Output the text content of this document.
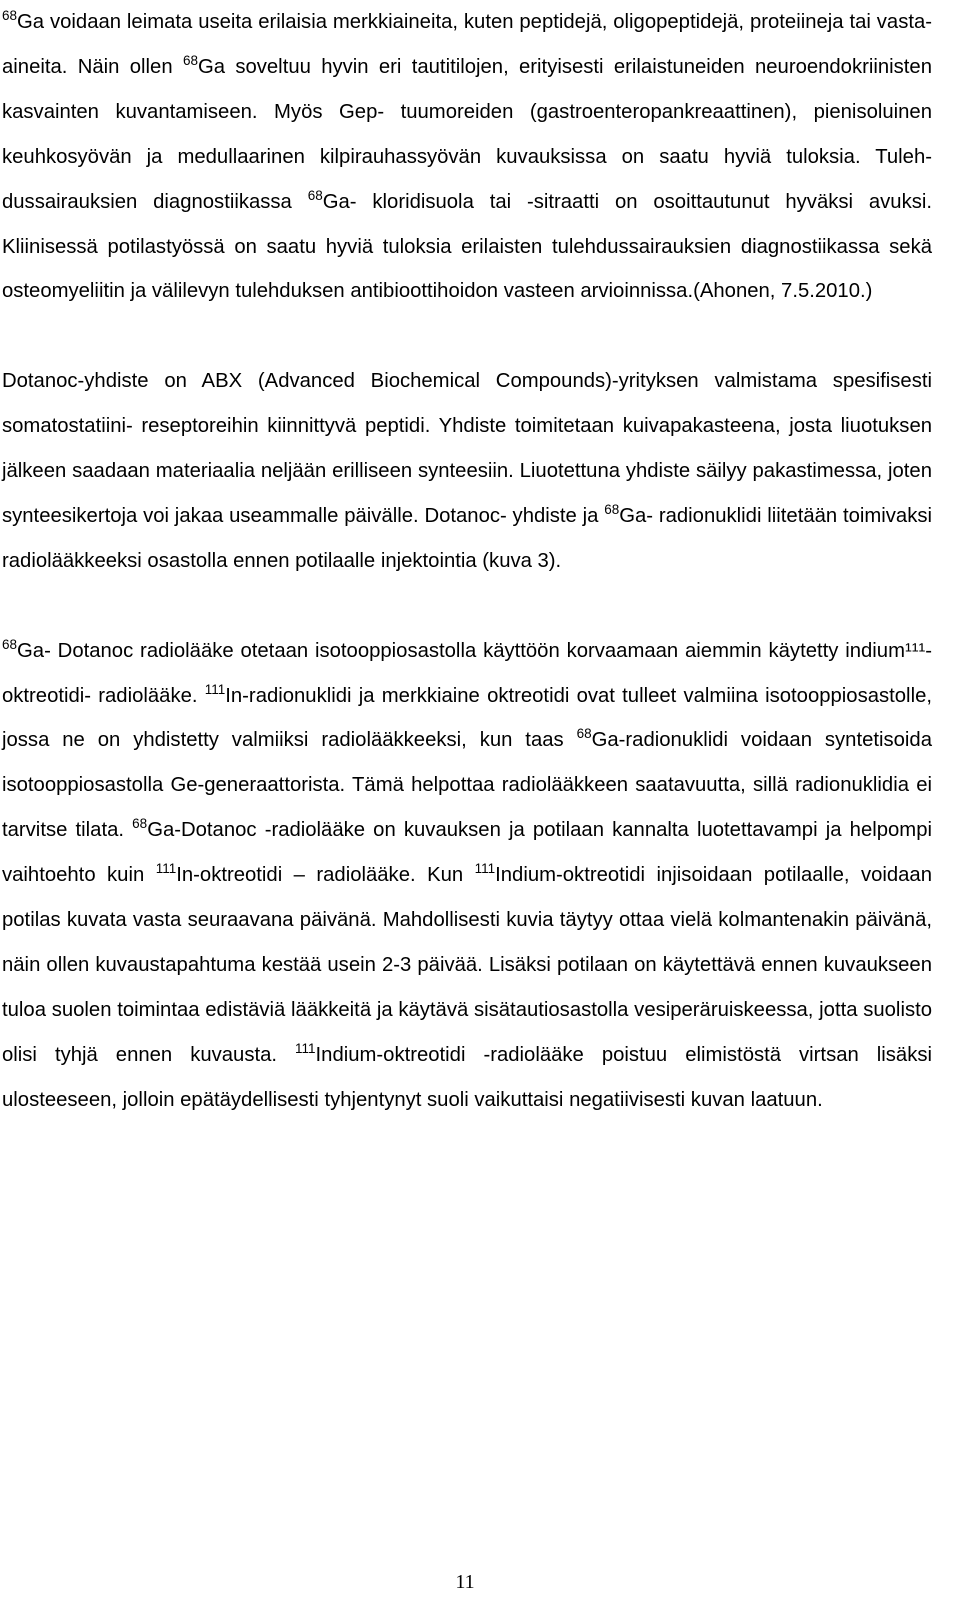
$^{68}$Ga voidaan leimata useita erilaisia merkkiaineita, kuten peptidejä, oligopeptidejä, proteiineja tai vasta-aineita. Näin ollen $^{68}$Ga soveltuu hyvin eri tautitilojen, erityisesti erilaistuneiden neuroendokriinisten kasvainten kuvantamiseen. Myös Gep- tuumoreiden (gastroenteropankreaattinen), pienisoluinen keuhkosyövän ja medullaarinen kilpirauhassyövän kuvauksissa on saatu hyviä tuloksia. Tulehdussairauksien diagnostiikassa $^{68}$Ga- kloridisuola tai -sitraatti on osoittautunut hyväksi avuksi. Kliinisessä potilastyössä on saatu hyviä tuloksia erilaisten tulehdussairauksien diagnostiikassa sekä osteomyeliitin ja välilevyn tulehduksen antibioottihoidon vasteen arvioinnissa.(Ahonen, 7.5.2010.)

Dotanoc-yhdiste on ABX (Advanced Biochemical Compounds)-yrityksen valmistama spesifisesti somatostatiini- reseptoreihin kiinnittyvä peptidi. Yhdiste toimitetaan kuivapakasteena, josta liuotuksen jälkeen saadaan materiaalia neljään erilliseen synteesiin. Liuotettuna yhdiste säilyy pakastimessa, joten synteesikertoja voi jakaa useammalle päivälle. Dotanoc- yhdiste ja $^{68}$Ga- radionuklidi liitetään toimivaksi radiolääkkeeksi osastolla ennen potilaalle injektointia (kuva 3).

$^{68}$Ga- Dotanoc radiolääke otetaan isotooppiosastolla käyttöön korvaamaan aiemmin käytetty indium¹¹¹-oktreotidi- radiolääke. $^{111}$In-radionuklidi ja merkkiaine oktreotidi ovat tulleet valmiina isotooppiosastolle, jossa ne on yhdistetty valmiiksi radiolääkkeeksi, kun taas $^{68}$Ga-radionuklidi voidaan syntetisoida isotooppiosastolla Ge-generaattorista. Tämä helpottaa radiolääkkeen saatavuutta, sillä radionuklidia ei tarvitse tilata. $^{68}$Ga-Dotanoc -radiolääke on kuvauksen ja potilaan kannalta luotettavampi ja helpompi vaihtoehto kuin $^{111}$In-oktreotidi – radiolääke. Kun $^{111}$Indium-oktreotidi injisoidaan potilaalle, voidaan potilas kuvata vasta seuraavana päivänä. Mahdollisesti kuvia täytyy ottaa vielä kolmantenakin päivänä, näin ollen kuvaustapahtuma kestää usein 2-3 päivää. Lisäksi potilaan on käytettävä ennen kuvaukseen tuloa suolen toimintaa edistäviä lääkkeitä ja käytävä sisätautiosastolla vesiperäruiskeessa, jotta suolisto olisi tyhjä ennen kuvausta. $^{111}$Indium-oktreotidi -radiolääke poistuu elimistöstä virtsan lisäksi ulosteeseen, jolloin epätäydellisesti tyhjentynyt suoli vaikuttaisi negatiivisesti kuvan laatuun.

11
